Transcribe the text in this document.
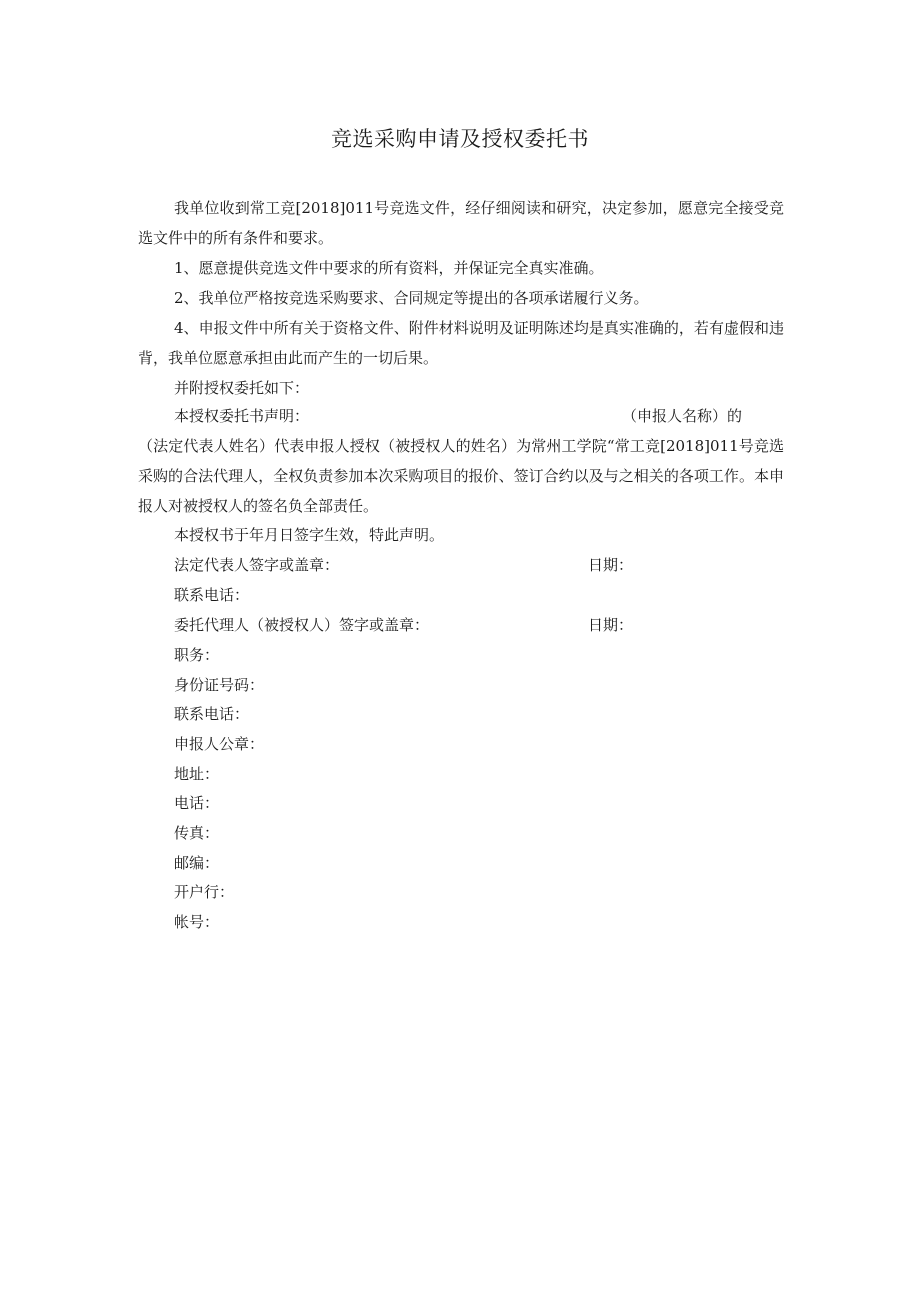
竞选采购申请及授权委托书

我单位收到常工竞[2018]011号竞选文件，经仔细阅读和研究，决定参加，愿意完全接受竞选文件中的所有条件和要求。

1、愿意提供竞选文件中要求的所有资料，并保证完全真实准确。

2、我单位严格按竞选采购要求、合同规定等提出的各项承诺履行义务。

4、申报文件中所有关于资格文件、附件材料说明及证明陈述均是真实准确的，若有虚假和违背，我单位愿意承担由此而产生的一切后果。

并附授权委托如下：
本授权委托书声明：	（申报人名称）的

（法定代表人姓名）代表申报人授权（被授权人的姓名）为常州工学院“常工竞[2018]011号竞选采购的合法代理人，全权负责参加本次采购项目的报价、签订合约以及与之相关的各项工作。本申报人对被授权人的签名负全部责任。

本授权书于年月日签字生效，特此声明。
法定代表人签字或盖章：	日期：
联系电话：
委托代理人（被授权人）签字或盖章：	日期：
职务：
身份证号码：
联系电话：
申报人公章：
地址：
电话：
传真：
邮编：
开户行：
帐号：
